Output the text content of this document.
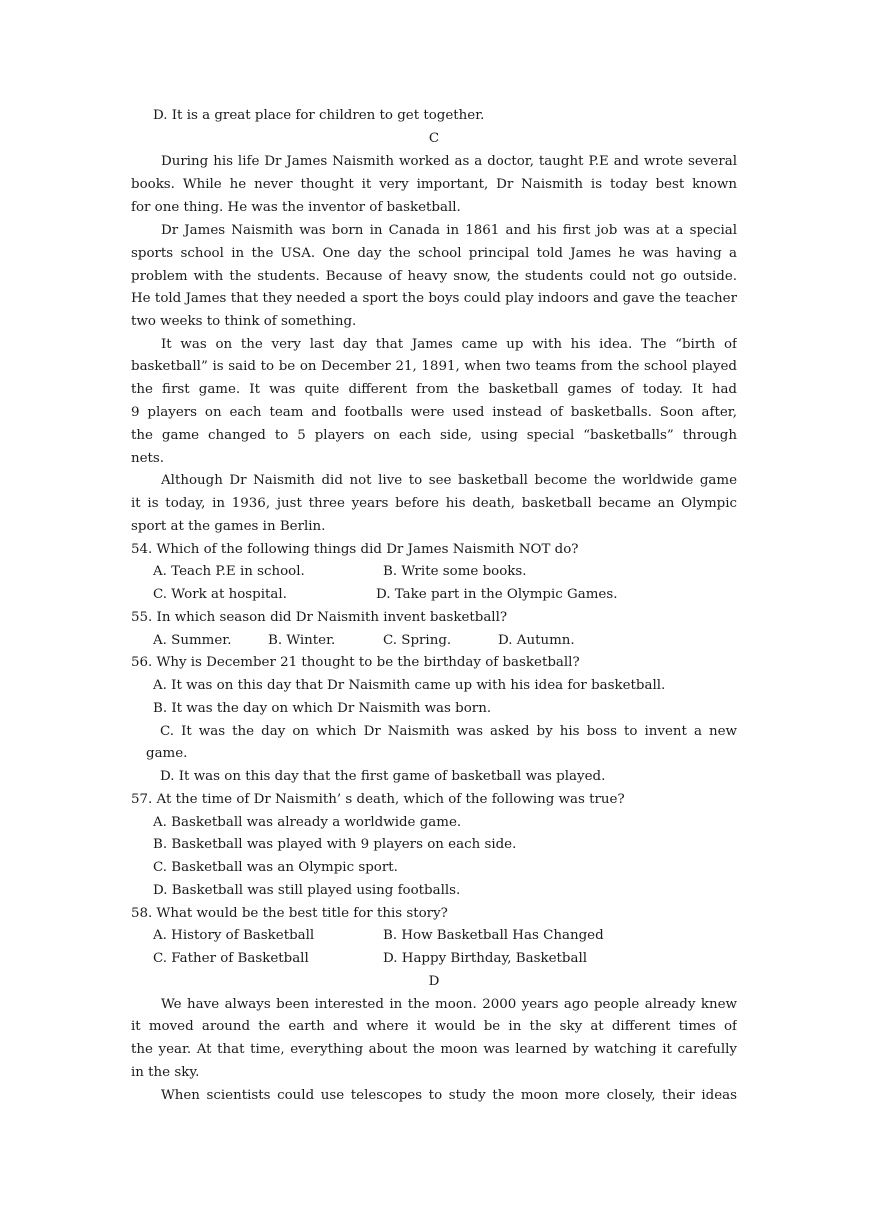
D. It is a great place for children to get together.
C
During his life Dr James Naismith worked as a doctor, taught P.E and wrote several
books. While he never thought it very important, Dr Naismith is today best known
for one thing. He was the inventor of basketball.
Dr James Naismith was born in Canada in 1861 and his first job was at a special
sports school in the USA. One day the school principal told James he was having a
problem with the students. Because of heavy snow, the students could not go outside.
He told James that they needed a sport the boys could play indoors and gave the teacher
two weeks to think of something.
It was on the very last day that James came up with his idea. The “birth of
basketball” is said to be on December 21, 1891, when two teams from the school played
the first game. It was quite different from the basketball games of today. It had
9 players on each team and footballs were used instead of basketballs. Soon after,
the game changed to 5 players on each side, using special “basketballs” through
nets.
Although Dr Naismith did not live to see basketball become the worldwide game
it is today, in 1936, just three years before his death, basketball became an Olympic
sport at the games in Berlin.
54. Which of the following things did Dr James Naismith NOT do?
A. Teach P.E in school.	B. Write some books.
C. Work at hospital.	D. Take part in the Olympic Games.
55. In which season did Dr Naismith invent basketball?
A. Summer.	B. Winter.	C. Spring.	D. Autumn.
56. Why is December 21 thought to be the birthday of basketball?
A. It was on this day that Dr Naismith came up with his idea for basketball.
B. It was the day on which Dr Naismith was born.
C. It was the day on which Dr Naismith was asked by his boss to invent a new
game.
D. It was on this day that the first game of basketball was played.
57. At the time of Dr Naismith’ s death, which of the following was true?
A. Basketball was already a worldwide game.
B. Basketball was played with 9 players on each side.
C. Basketball was an Olympic sport.
D. Basketball was still played using footballs.
58. What would be the best title for this story?
A. History of Basketball	B. How Basketball Has Changed
C. Father of Basketball	D. Happy Birthday, Basketball
D
We have always been interested in the moon. 2000 years ago people already knew
it moved around the earth and where it would be in the sky at different times of
the year. At that time, everything about the moon was learned by watching it carefully
in the sky.
When scientists could use telescopes to study the moon more closely, their ideas
